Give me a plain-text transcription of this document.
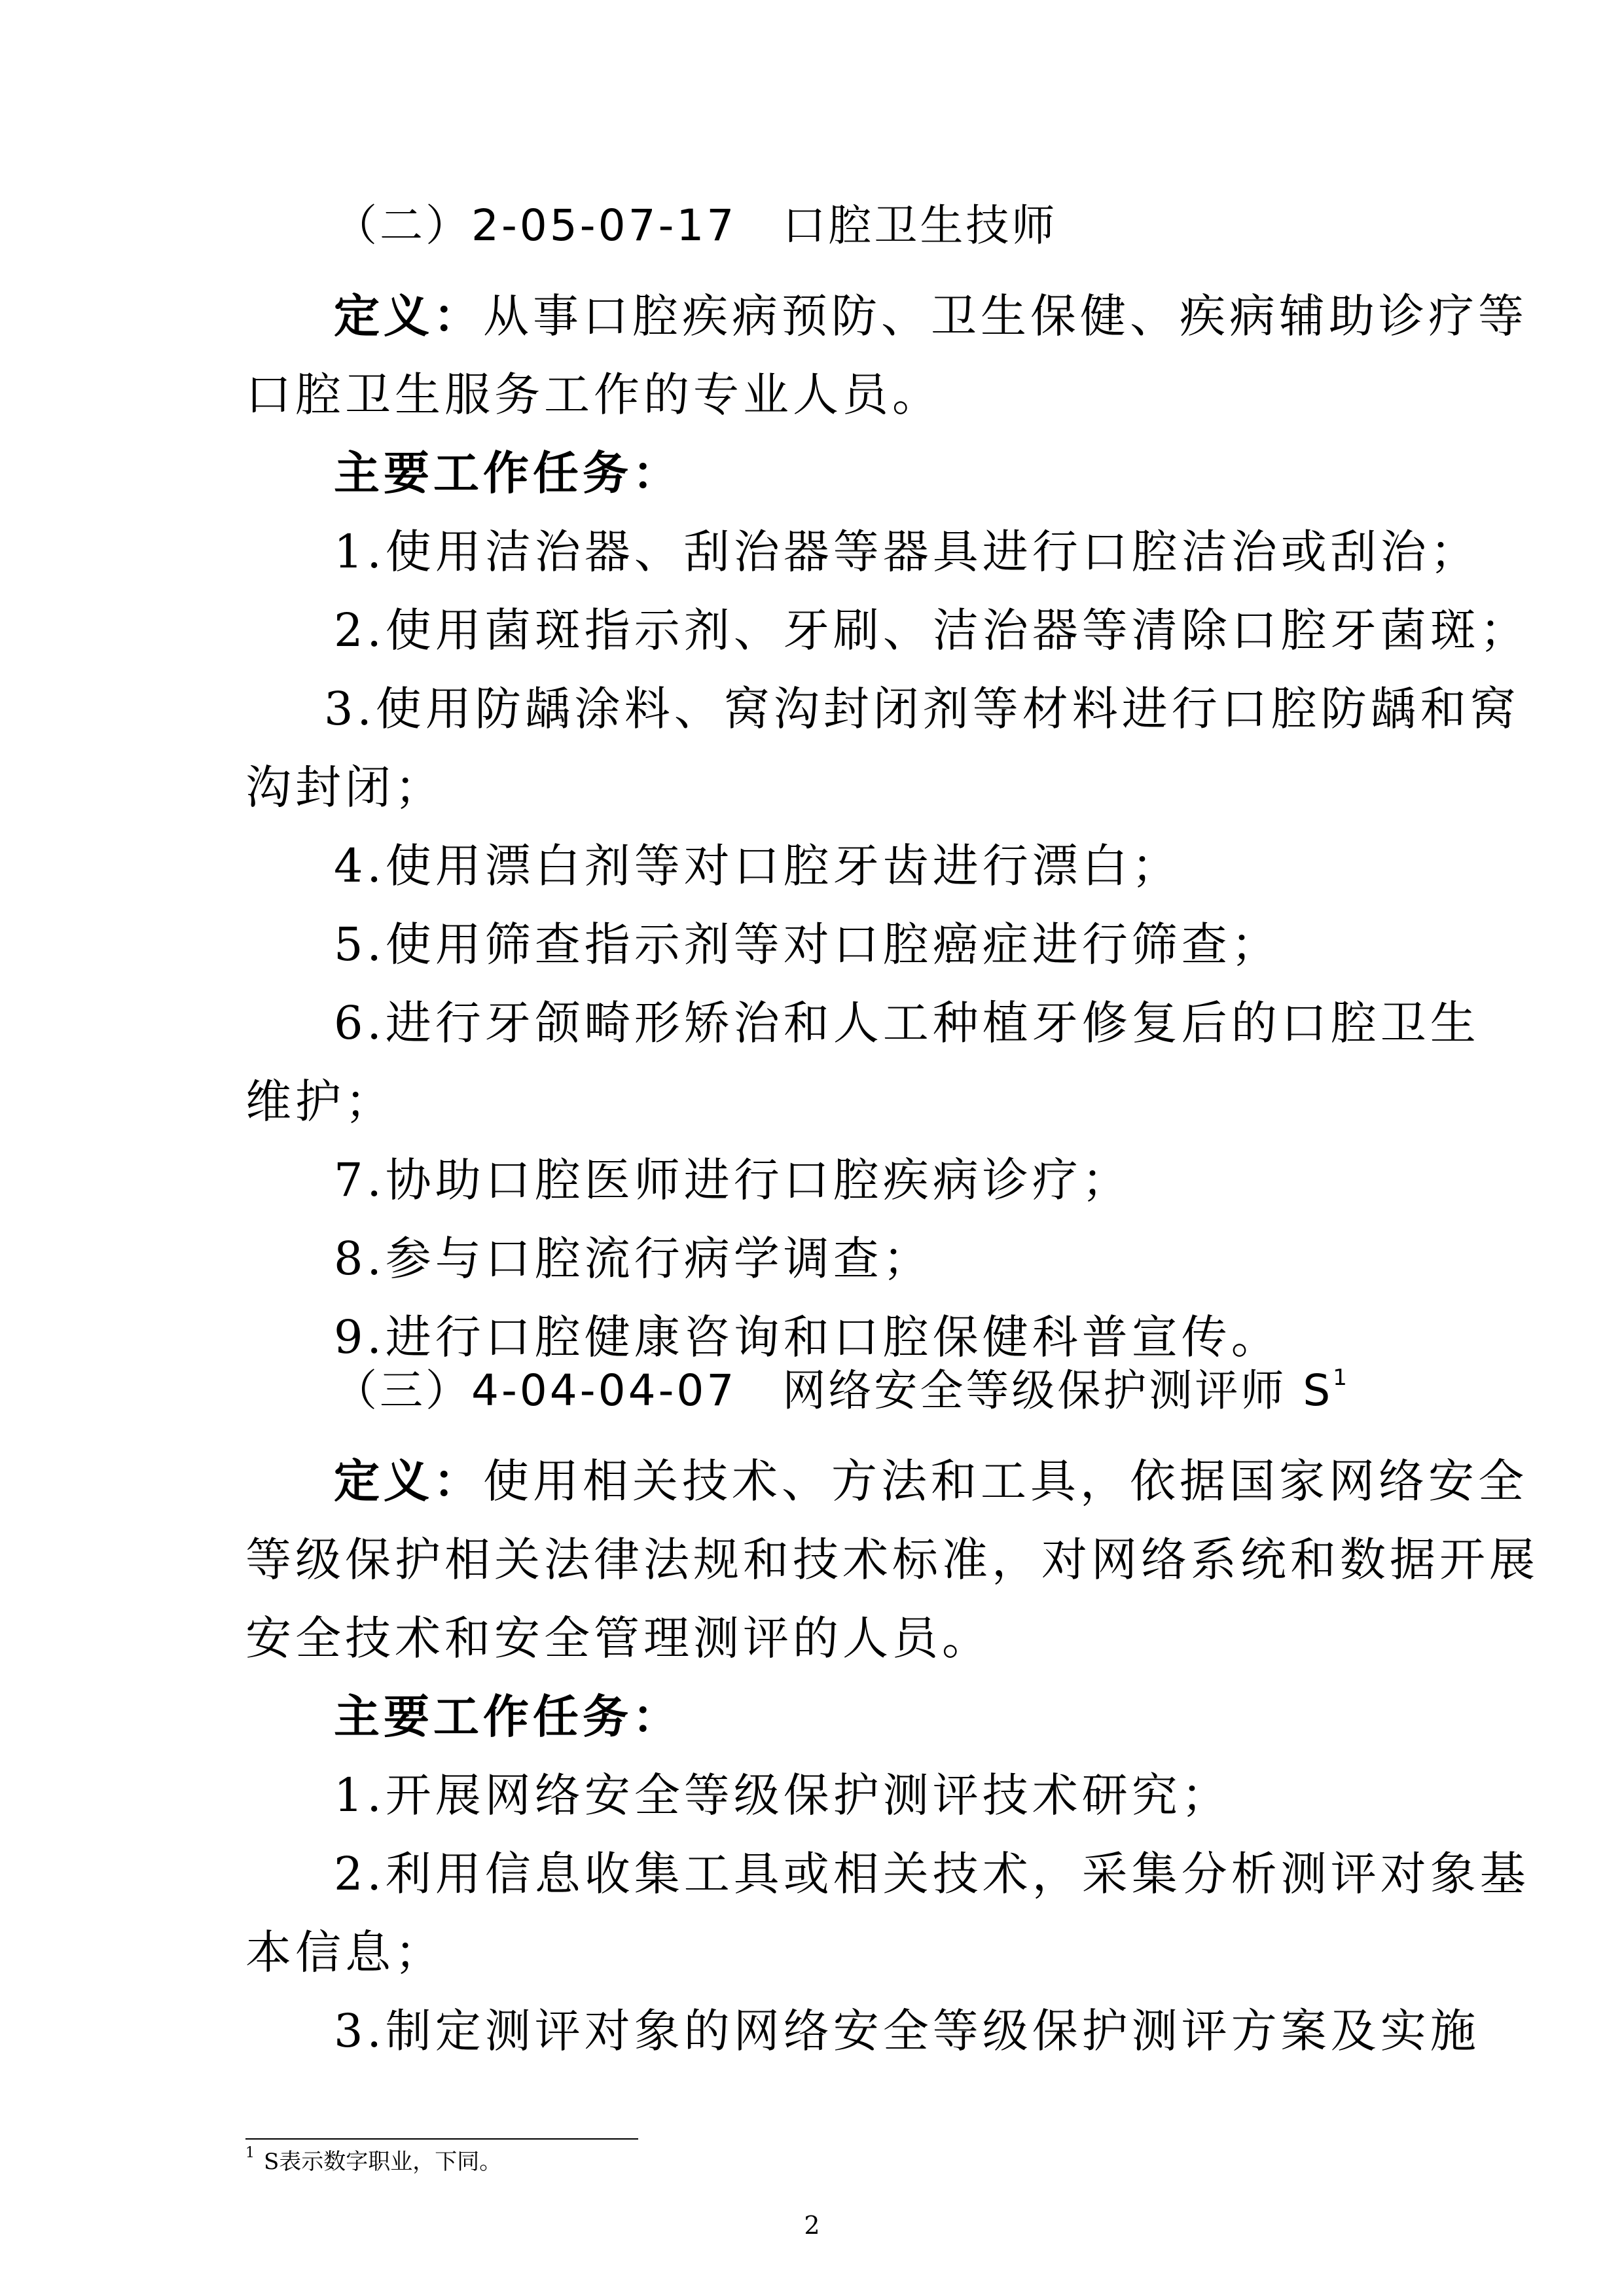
（二）2-05-07-17　口腔卫生技师
定义：从事口腔疾病预防、卫生保健、疾病辅助诊疗等
口腔卫生服务工作的专业人员。
主要工作任务：
1.使用洁治器、刮治器等器具进行口腔洁治或刮治；
2.使用菌斑指示剂、牙刷、洁治器等清除口腔牙菌斑；
3.使用防龋涂料、窝沟封闭剂等材料进行口腔防龋和窝
沟封闭；
4.使用漂白剂等对口腔牙齿进行漂白；
5.使用筛查指示剂等对口腔癌症进行筛查；
6.进行牙颌畸形矫治和人工种植牙修复后的口腔卫生
维护；
7.协助口腔医师进行口腔疾病诊疗；
8.参与口腔流行病学调查；
9.进行口腔健康咨询和口腔保健科普宣传。
（三）4-04-04-07　网络安全等级保护测评师 S$^1$
定义：使用相关技术、方法和工具，依据国家网络安全
等级保护相关法律法规和技术标准，对网络系统和数据开展
安全技术和安全管理测评的人员。
主要工作任务：
1.开展网络安全等级保护测评技术研究；
2.利用信息收集工具或相关技术，采集分析测评对象基
本信息；
3.制定测评对象的网络安全等级保护测评方案及实施
$^1$ S表示数字职业，下同。
2
